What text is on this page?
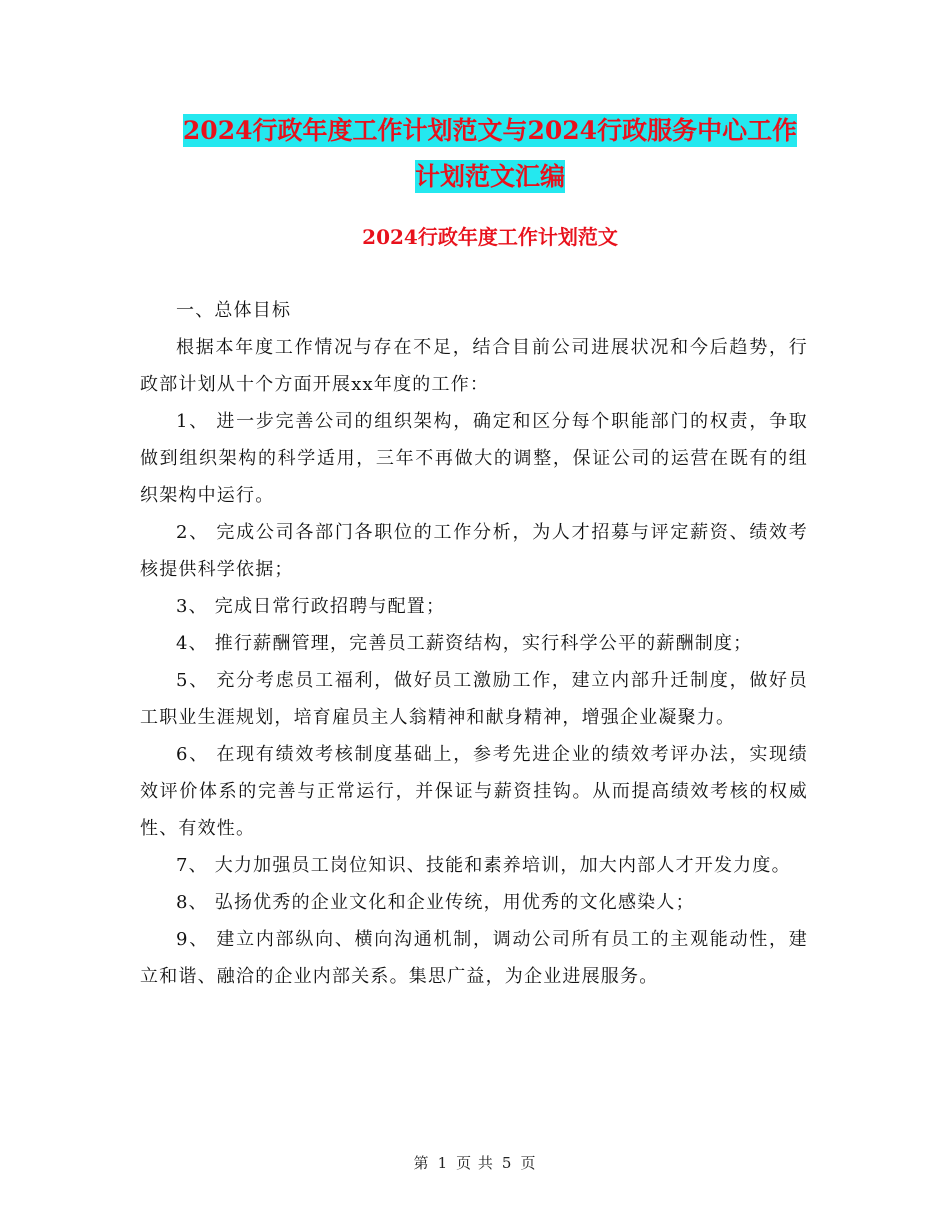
2024行政年度工作计划范文与2024行政服务中心工作
计划范文汇编
2024行政年度工作计划范文

一、总体目标

根据本年度工作情况与存在不足，结合目前公司进展状况和今后趋势，行政部计划从十个方面开展xx年度的工作：

1、 进一步完善公司的组织架构，确定和区分每个职能部门的权责，争取做到组织架构的科学适用，三年不再做大的调整，保证公司的运营在既有的组织架构中运行。

2、 完成公司各部门各职位的工作分析，为人才招募与评定薪资、绩效考核提供科学依据；

3、 完成日常行政招聘与配置；

4、 推行薪酬管理，完善员工薪资结构，实行科学公平的薪酬制度；

5、 充分考虑员工福利，做好员工激励工作，建立内部升迁制度，做好员工职业生涯规划，培育雇员主人翁精神和献身精神，增强企业凝聚力。

6、 在现有绩效考核制度基础上，参考先进企业的绩效考评办法，实现绩效评价体系的完善与正常运行，并保证与薪资挂钩。从而提高绩效考核的权威性、有效性。

7、 大力加强员工岗位知识、技能和素养培训，加大内部人才开发力度。

8、 弘扬优秀的企业文化和企业传统，用优秀的文化感染人；

9、 建立内部纵向、横向沟通机制，调动公司所有员工的主观能动性，建立和谐、融洽的企业内部关系。集思广益，为企业进展服务。

第 1 页 共 5 页
